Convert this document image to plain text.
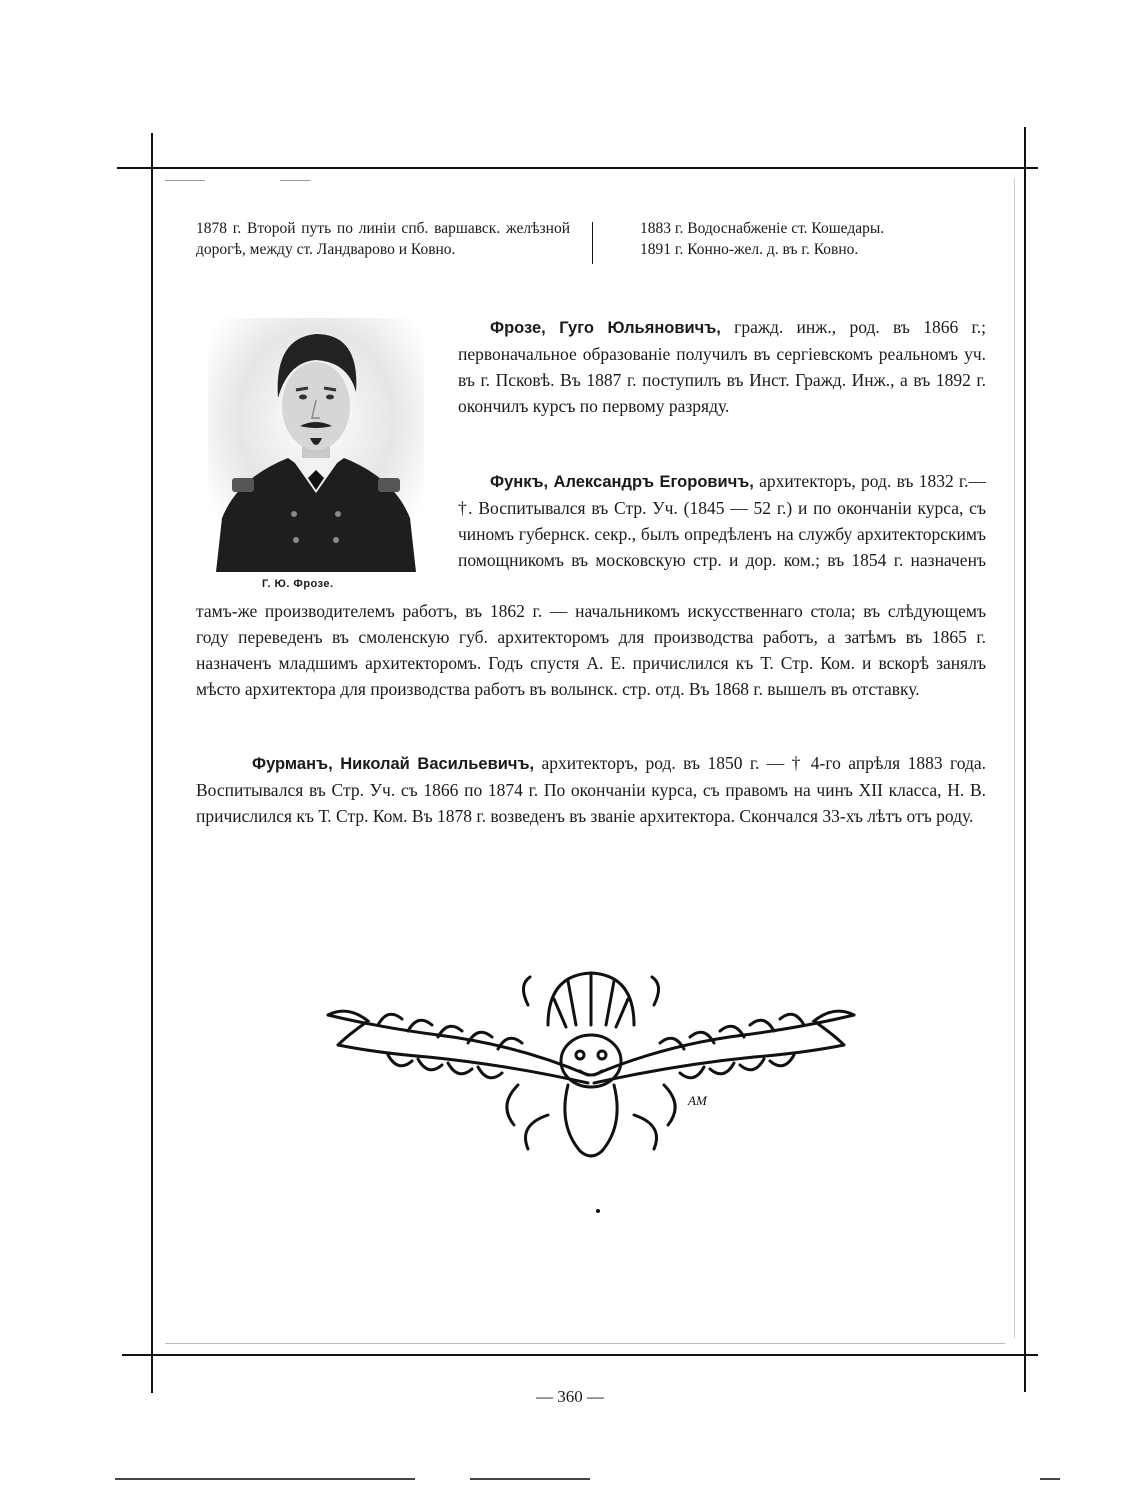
1878 г. Второй путь по линіи спб. варшавск. желѣзной дорогѣ, между ст. Ландварово и Ковно.
1883 г. Водоснабженіе ст. Кошедары.
1891 г. Конно-жел. д. въ г. Ковно.
Г. Ю. Фрозе.
Фрозе, Гуго Юльяновичъ, гражд. инж., род. въ 1866 г.; первоначальное образованіе получилъ въ сергіевскомъ реальномъ уч. въ г. Псковѣ. Въ 1887 г. поступилъ въ Инст. Гражд. Инж., а въ 1892 г. окончилъ курсъ по первому разряду.
Функъ, Александръ Егоровичъ, архитекторъ, род. въ 1832 г.—†. Воспитывался въ Стр. Уч. (1845 — 52 г.) и по окончаніи курса, съ чиномъ губернск. секр., былъ опредѣленъ на службу архитекторскимъ помощникомъ въ московскую стр. и дор. ком.; въ 1854 г. назначенъ
тамъ-же производителемъ работъ, въ 1862 г. — начальникомъ искусственнаго стола; въ слѣдующемъ году переведенъ въ смоленскую губ. архитекторомъ для производства работъ, а затѣмъ въ 1865 г. назначенъ младшимъ архитекторомъ. Годъ спустя А. Е. причислился къ Т. Стр. Ком. и вскорѣ занялъ мѣсто архитектора для производства работъ въ волынск. стр. отд. Въ 1868 г. вышелъ въ отставку.
Фурманъ, Николай Васильевичъ, архитекторъ, род. въ 1850 г. — † 4-го апрѣля 1883 года. Воспитывался въ Стр. Уч. съ 1866 по 1874 г. По окончаніи курса, съ правомъ на чинъ XII класса, Н. В. причислился къ Т. Стр. Ком. Въ 1878 г. возведенъ въ званіе архитектора. Скончался 33-хъ лѣтъ отъ роду.
AM
— 360 —
